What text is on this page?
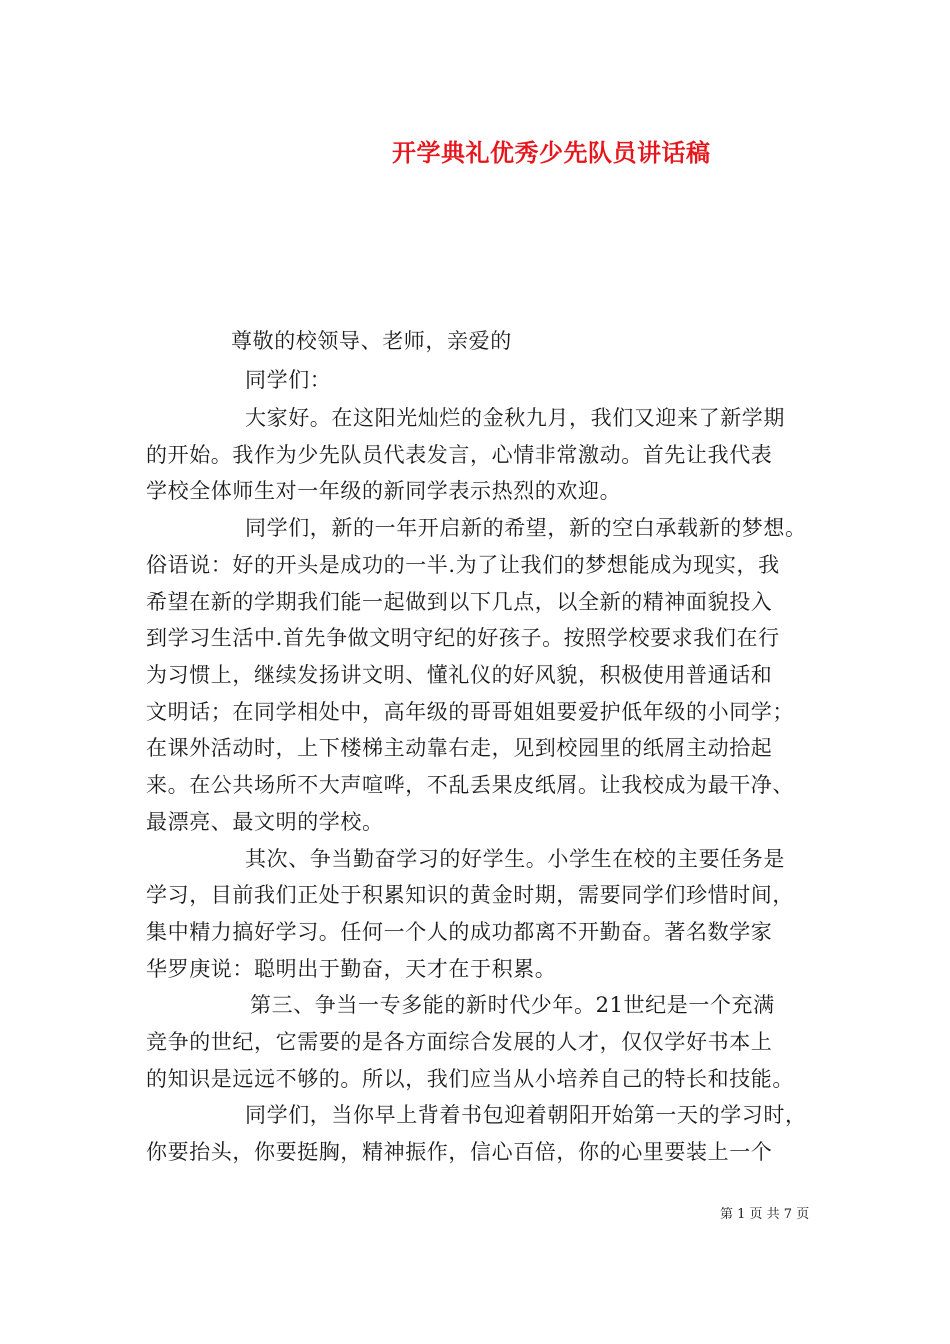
开学典礼优秀少先队员讲话稿
尊敬的校领导、老师，亲爱的
同学们：
大家好。在这阳光灿烂的金秋九月，我们又迎来了新学期
的开始。我作为少先队员代表发言，心情非常激动。首先让我代表
学校全体师生对一年级的新同学表示热烈的欢迎。
同学们，新的一年开启新的希望，新的空白承载新的梦想。
俗语说：好的开头是成功的一半.为了让我们的梦想能成为现实，我
希望在新的学期我们能一起做到以下几点，以全新的精神面貌投入
到学习生活中.首先争做文明守纪的好孩子。按照学校要求我们在行
为习惯上，继续发扬讲文明、懂礼仪的好风貌，积极使用普通话和
文明话；在同学相处中，高年级的哥哥姐姐要爱护低年级的小同学；
在课外活动时，上下楼梯主动靠右走，见到校园里的纸屑主动拾起
来。在公共场所不大声喧哗，不乱丢果皮纸屑。让我校成为最干净、
最漂亮、最文明的学校。
其次、争当勤奋学习的好学生。小学生在校的主要任务是
学习，目前我们正处于积累知识的黄金时期，需要同学们珍惜时间，
集中精力搞好学习。任何一个人的成功都离不开勤奋。著名数学家
华罗庚说：聪明出于勤奋，天才在于积累。
第三、争当一专多能的新时代少年。21世纪是一个充满
竞争的世纪，它需要的是各方面综合发展的人才，仅仅学好书本上
的知识是远远不够的。所以，我们应当从小培养自己的特长和技能。
同学们，当你早上背着书包迎着朝阳开始第一天的学习时，
你要抬头，你要挺胸，精神振作，信心百倍，你的心里要装上一个
第 1 页 共 7 页
